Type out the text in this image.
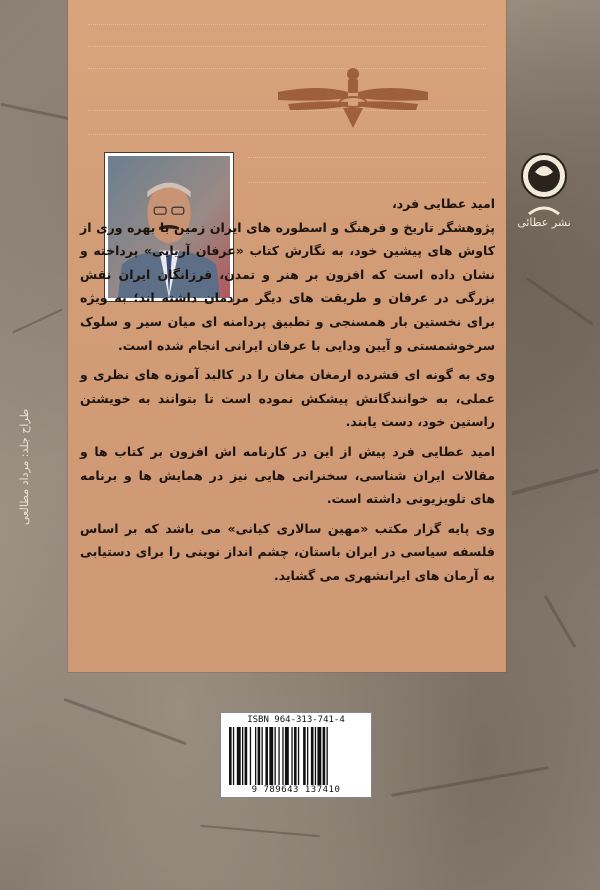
طراح جلد: مرداد مطالعی
نشر عطائی

امید عطایی فرد،

پژوهشگر تاریخ و فرهنگ و اسطوره های ایران زمین با بهره وری از کاوش های پیشین خود، به نگارش کتاب «عرفان آریایی» پرداخته و نشان داده است که افزون بر هنر و تمدن، فرزانگان ایران نقش بزرگی در عرفان و طریقت های دیگر مردمان داشته اند؛ به ویژه برای نخستین بار همسنجی و تطبیق پردامنه ای میان سیر و سلوک سرخوشمستی و آیین ودایی با عرفان ایرانی انجام شده است.

وی به گونه ای فشرده ارمغان مغان را در کالبد آموزه های نظری و عملی، به خوانندگانش پیشکش نموده است تا بتوانند به خویشتن راستین خود، دست یابند.

امید عطایی فرد پیش از این در کارنامه اش افزون بر کتاب ها و مقالات ایران شناسی، سخنرانی هایی نیز در همایش ها و برنامه های تلویزیونی داشته است.

وی پایه گزار مکتب «مهین سالاری کیانی» می باشد که بر اساس فلسفه سیاسی در ایران باستان، چشم انداز نوینی را برای دستیابی به آرمان های ایرانشهری می گشاید.

ISBN 964-313-741-4
9 789643 137410
